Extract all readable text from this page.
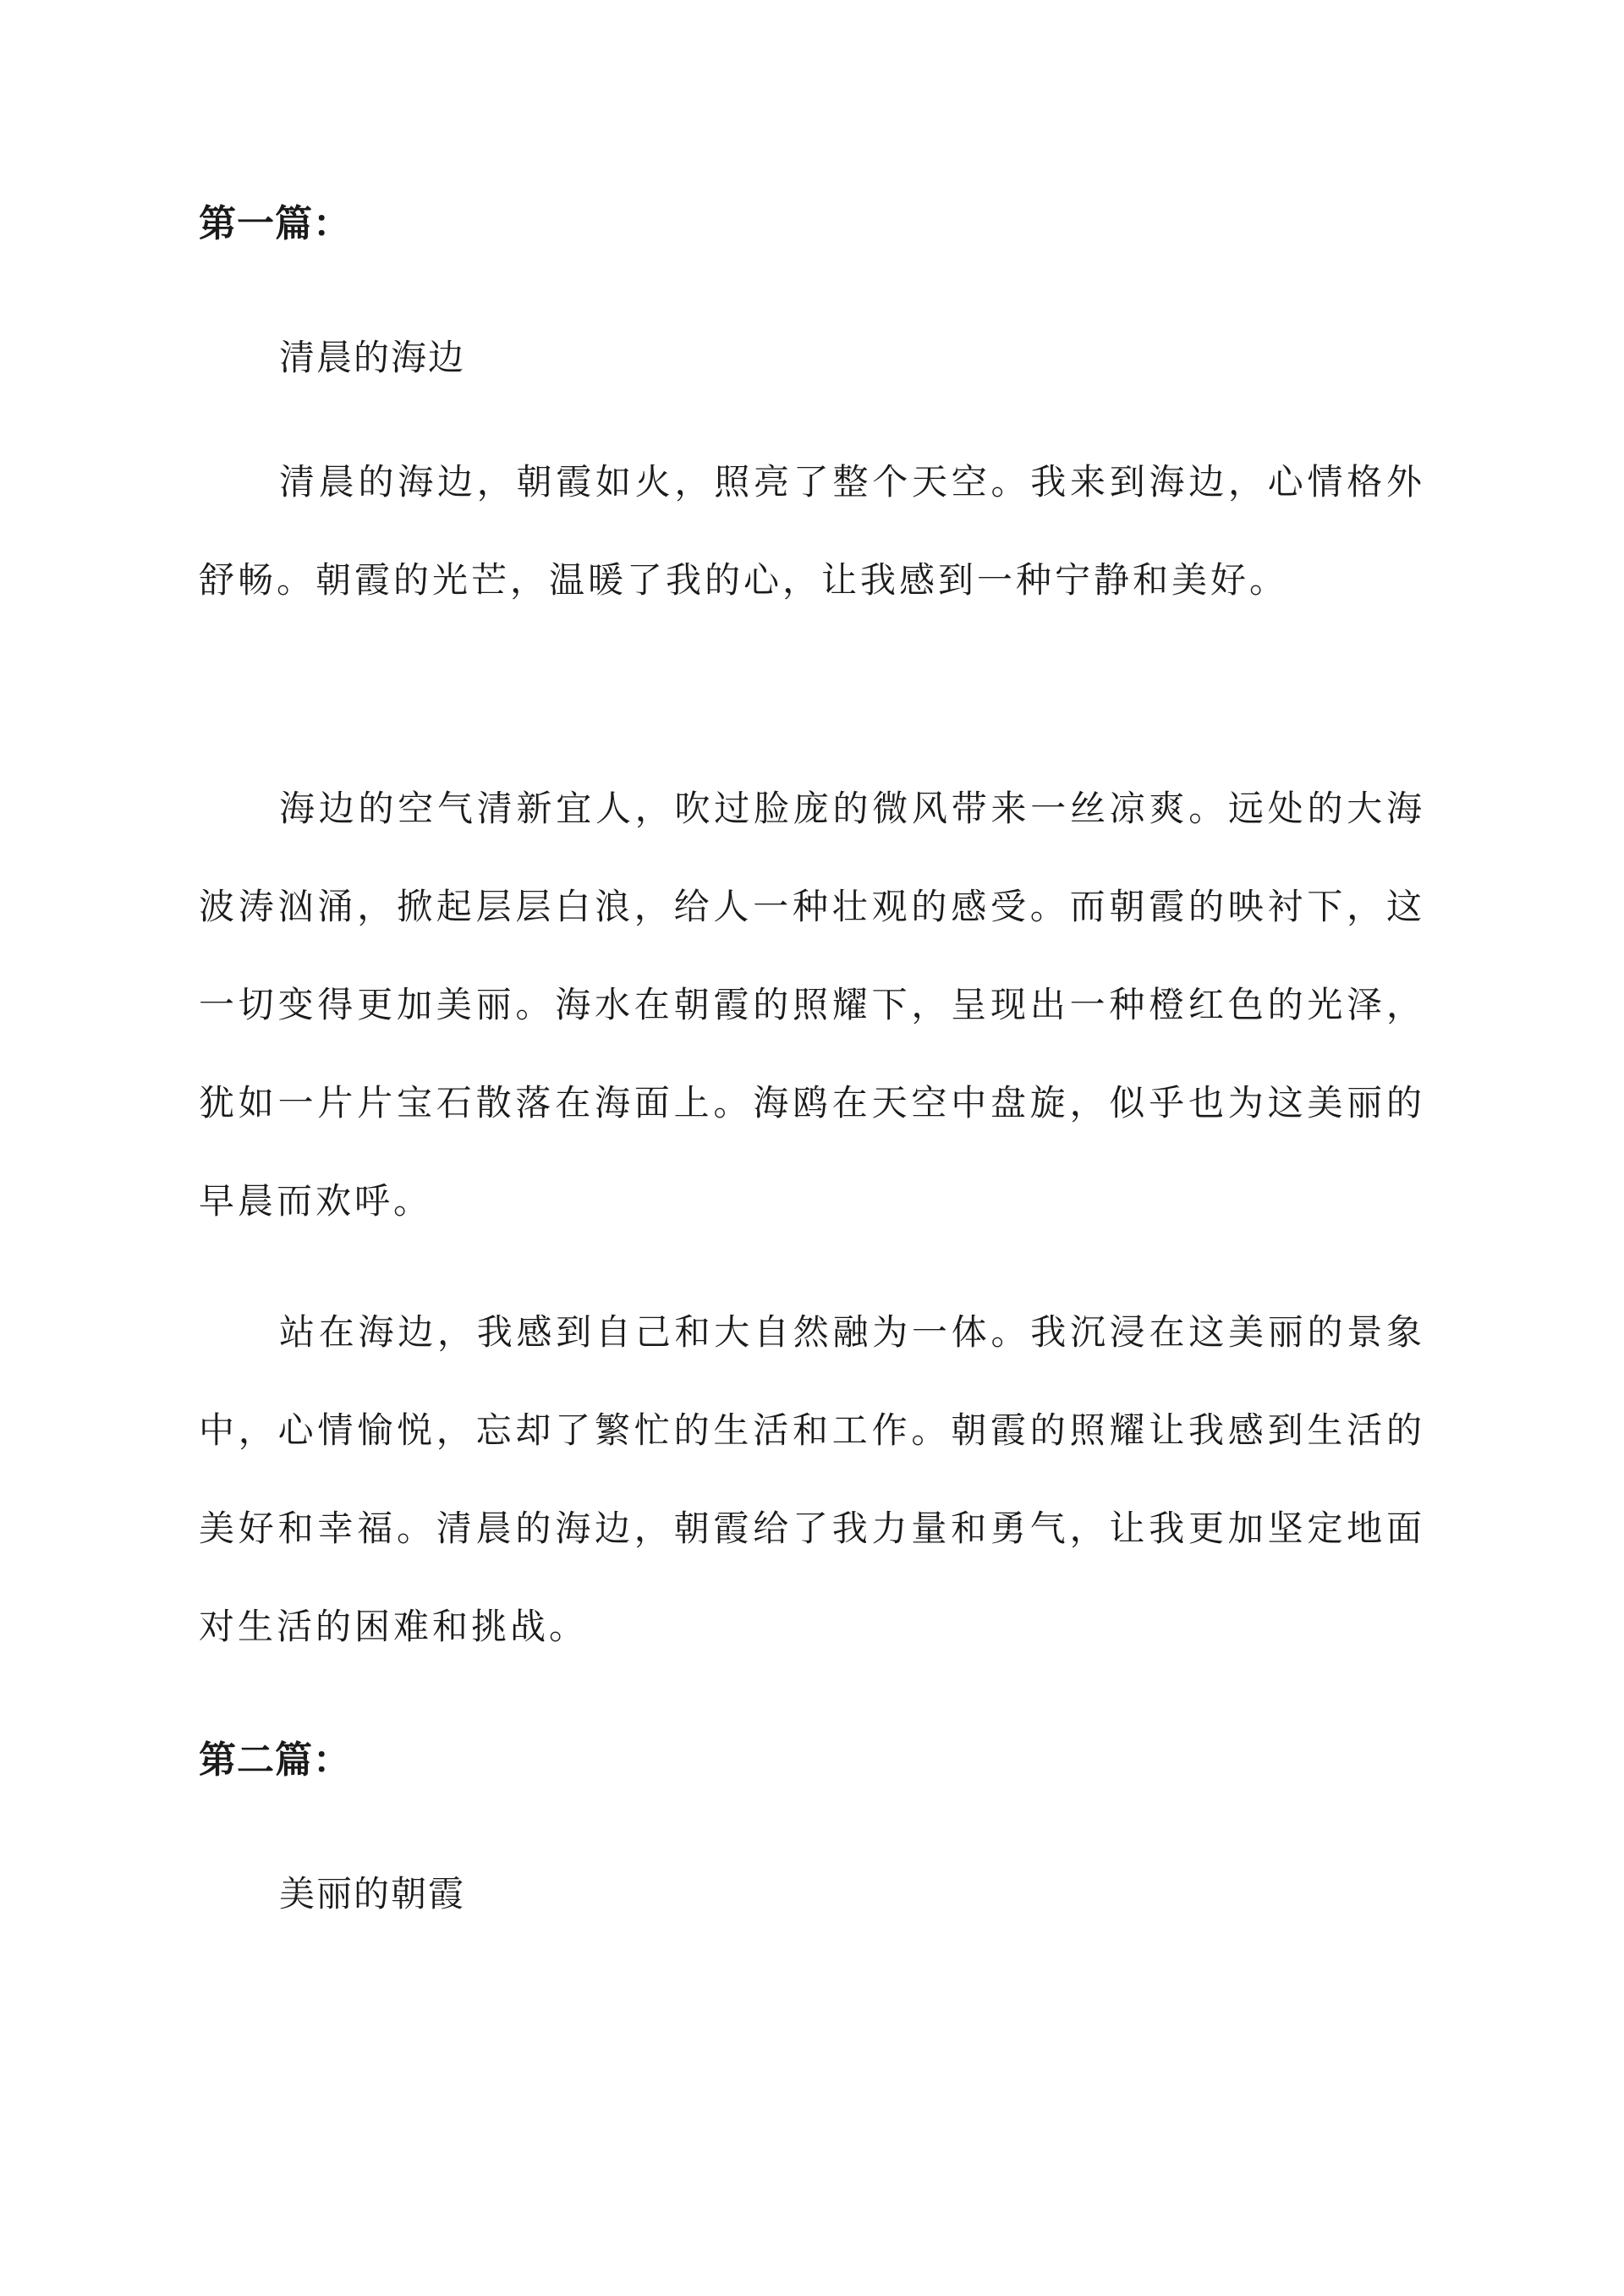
第一篇：
清晨的海边

清晨的海边，朝霞如火，照亮了整个天空。我来到海边，心情格外舒畅。朝霞的光芒，温暖了我的心，让我感到一种宁静和美好。

海边的空气清新宜人，吹过脸庞的微风带来一丝凉爽。远处的大海波涛汹涌，掀起层层白浪，给人一种壮观的感受。而朝霞的映衬下，这一切变得更加美丽。海水在朝霞的照耀下，呈现出一种橙红色的光泽，犹如一片片宝石散落在海面上。海鸥在天空中盘旋，似乎也为这美丽的早晨而欢呼。

站在海边，我感到自己和大自然融为一体。我沉浸在这美丽的景象中，心情愉悦，忘却了繁忙的生活和工作。朝霞的照耀让我感到生活的美好和幸福。清晨的海边，朝霞给了我力量和勇气，让我更加坚定地面对生活的困难和挑战。

第二篇：
美丽的朝霞
